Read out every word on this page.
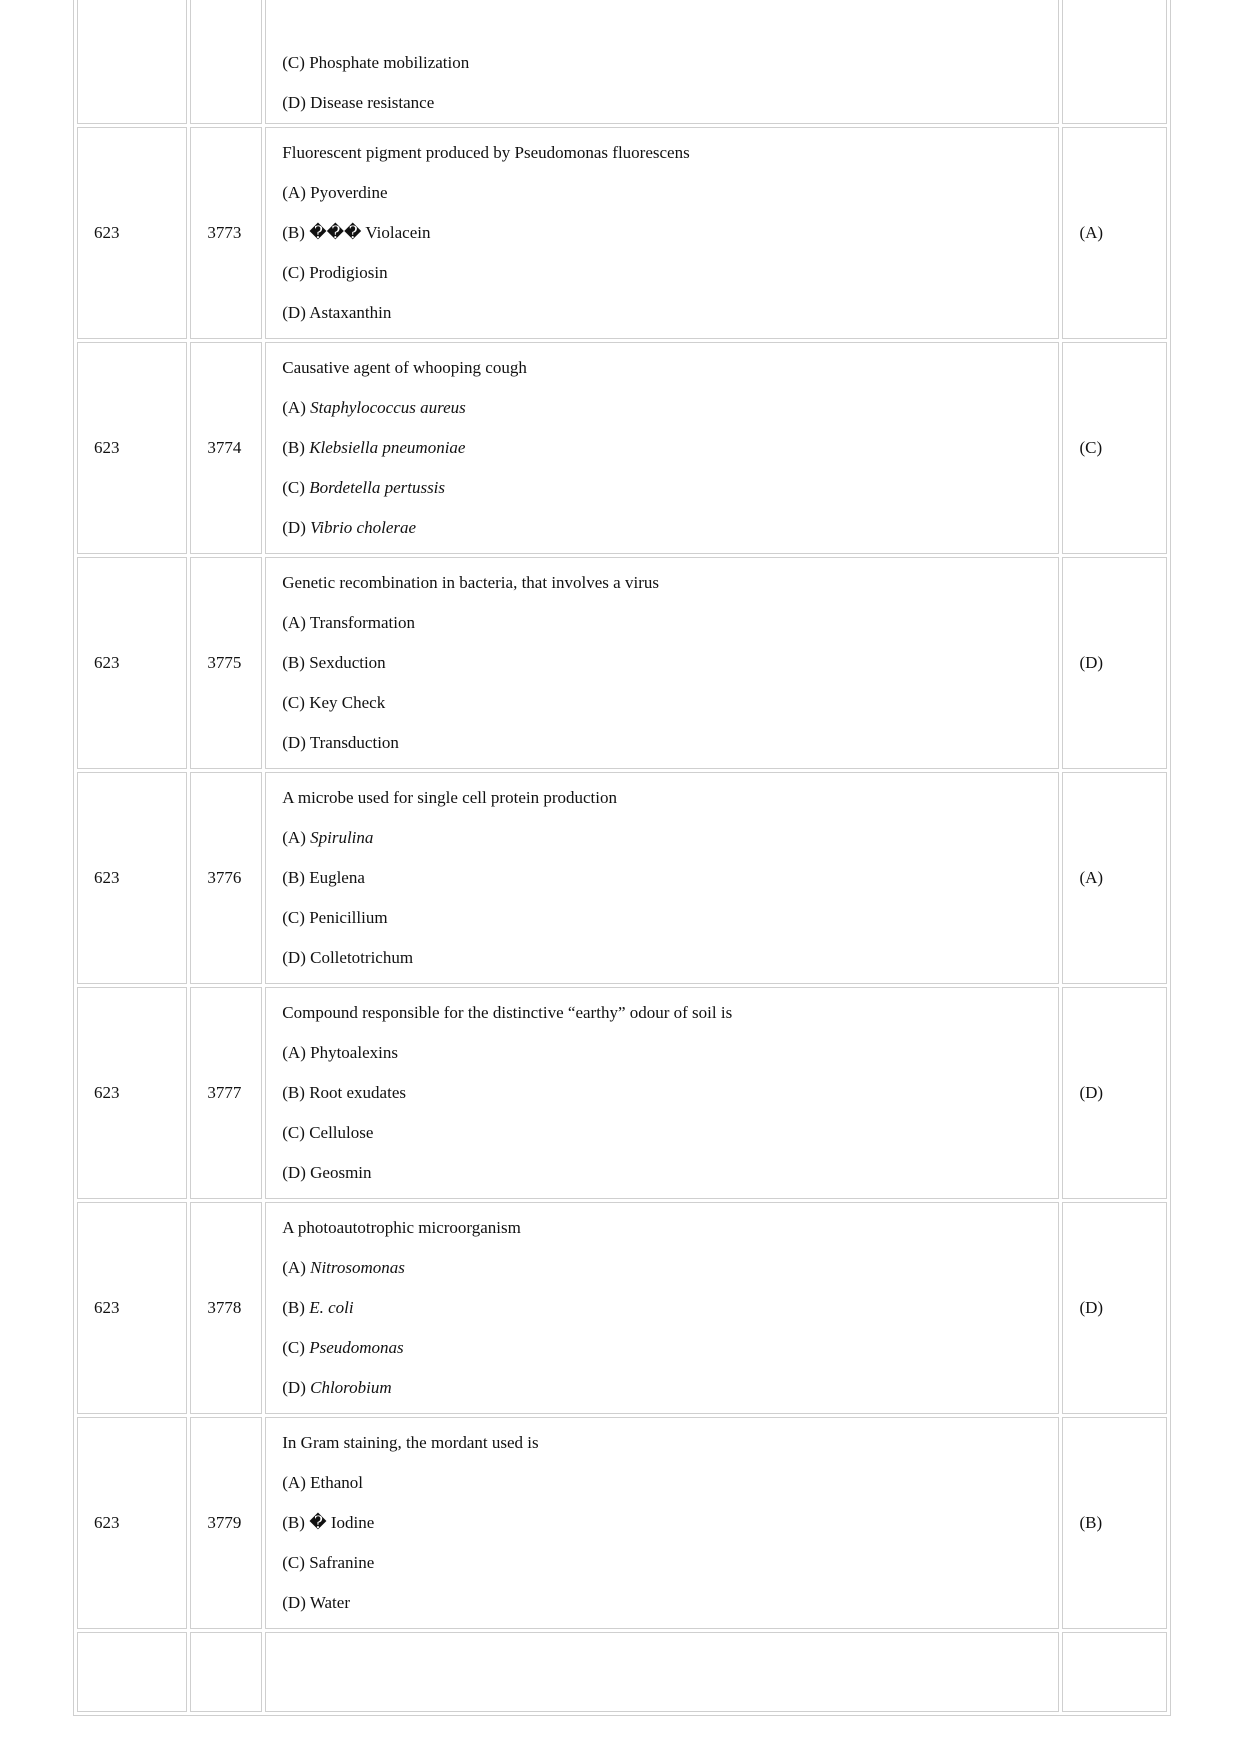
		(C) Phosphate mobilization

(D) Disease resistance	

623	3773	Fluorescent pigment produced by Pseudomonas fluorescens

(A) Pyoverdine

(B) ��� Violacein

(C) Prodigiosin

(D) Astaxanthin	(A)
623	3774	Causative agent of whooping cough

(A) Staphylococcus aureus

(B) Klebsiella pneumoniae

(C) Bordetella pertussis

(D) Vibrio cholerae	(C)
623	3775	Genetic recombination in bacteria, that involves a virus

(A) Transformation

(B) Sexduction

(C) Key Check

(D) Transduction	(D)
623	3776	A microbe used for single cell protein production

(A) Spirulina

(B) Euglena

(C) Penicillium

(D) Colletotrichum	(A)
623	3777	Compound responsible for the distinctive “earthy” odour of soil is

(A) Phytoalexins

(B) Root exudates

(C) Cellulose

(D) Geosmin	(D)
623	3778	A photoautotrophic microorganism

(A) Nitrosomonas

(B) E. coli

(C) Pseudomonas

(D) Chlorobium	(D)
623	3779	In Gram staining, the mordant used is

(A) Ethanol

(B) � Iodine

(C) Safranine

(D) Water	(B)
